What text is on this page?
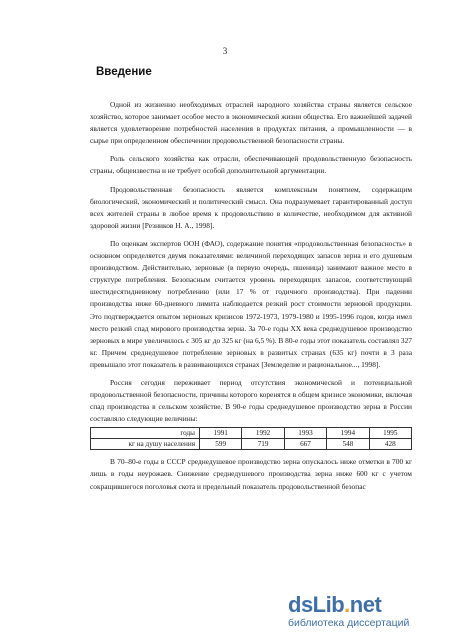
3
Введение

Одной из жизненно необходимых отраслей народного хозяйства страны является сельское хозяйство, которое занимает особое место в экономической жизни общества. Его важнейшей задачей является удовлетворение потребностей населения в продуктах питания, а промышленности — в сырье при определенном обеспечении продовольственной безопасности страны.

Роль сельского хозяйства как отрасли, обеспечивающей продовольственную безопасность страны, общеизвестна и не требует особой дополнительной аргументации.

Продовольственная безопасность является комплексным понятием, содержащим биологический, экономический и политический смысл. Она подразумевает гарантированный доступ всех жителей страны в любое время к продовольствию в количестве, необходимом для активной здоровой жизни [Резников Н. А., 1998].

По оценкам экспертов ООН (ФАО), содержание понятия «продовольственная безопасность» в основном определяется двумя показателями: величиной переходящих запасов зерна и его душевым производством. Действительно, зерновые (в первую очередь, пшеница) занимают важное место в структуре потребления. Безопасным считается уровень переходящих запасов, соответствующий шестидесятидневному потреблению (или 17 % от годичного производства). При падении производства ниже 60-дневного лимита наблюдается резкий рост стоимости зерновой продукции. Это подтверждается опытом зерновых кризисов 1972-1973, 1979-1980 и 1995-1996 годов, когда имел место резкий спад мирового производства зерна. За 70-е годы XX века среднедушевое производство зерновых в мире увеличилось с 305 кг до 325 кг (на 6,5 %). В 80-е годы этот показатель составлял 327 кг. Причем среднедушевое потребление зерновых в развитых странах (635 кг) почти в 3 раза превышало этот показатель в развивающихся странах [Земледелие и рациональное..., 1998].

Россия сегодня переживает период отсутствия экономической и потенциальной продовольственной безопасности, причины которого коренятся в общем кризисе экономики, включая спад производства в сельском хозяйстве. В 90-е годы среднедушевое производство зерна в России составляло следующие величины:

годы	1991	1992	1993	1994	1995
кг на душу населения	599	719	667	548	428

В 70–80-е годы в СССР среднедушевое производство зерна опускалось ниже отметки в 700 кг лишь в годы неурожаев. Снижение среднедушевого производства зерна ниже 600 кг с учетом сокращившегося поголовья скота и предельный показатель продовольственной безопас

dsLib.net
библиотека диссертаций
